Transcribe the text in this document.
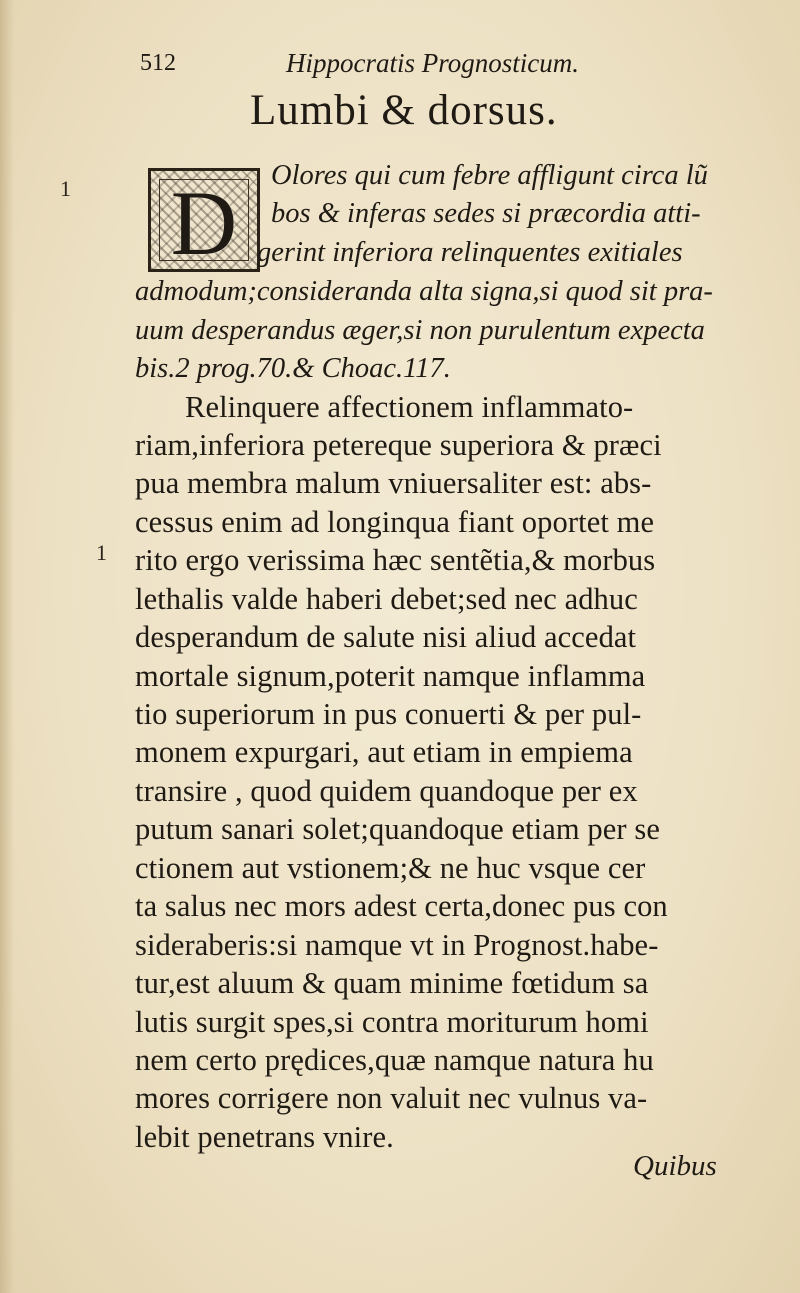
512	Hippocratis Prognosticum.
Lumbi & dorsus.
1
1
D	Olores qui cum febre affligunt circa lũ
bos & inferas sedes si præcordia atti-
gerint inferiora relinquentes exitiales
admodum;consideranda alta signa,si quod sit pra-
uum desperandus æger,si non purulentum expecta
bis.2 prog.70.& Choac.117.
Relinquere affectionem inflammato-
riam,inferiora petereque superiora & præci
pua membra malum vniuersaliter est: abs-
cessus enim ad longinqua fiant oportet me
rito ergo verissima hæc sentẽtia,& morbus
lethalis valde haberi debet;sed nec adhuc
desperandum de salute nisi aliud accedat
mortale signum,poterit namque inflamma
tio superiorum in pus conuerti & per pul-
monem expurgari, aut etiam in empiema
transire , quod quidem quandoque per ex
putum sanari solet;quandoque etiam per se
ctionem aut vstionem;& ne huc vsque cer
ta salus nec mors adest certa,donec pus con
sideraberis:si namque vt in Prognost.habe-
tur,est aluum & quam minime fœtidum sa
lutis surgit spes,si contra moriturum homi
nem certo prędices,quæ namque natura hu
mores corrigere non valuit nec vulnus va-
lebit penetrans vnire.
Quibus
